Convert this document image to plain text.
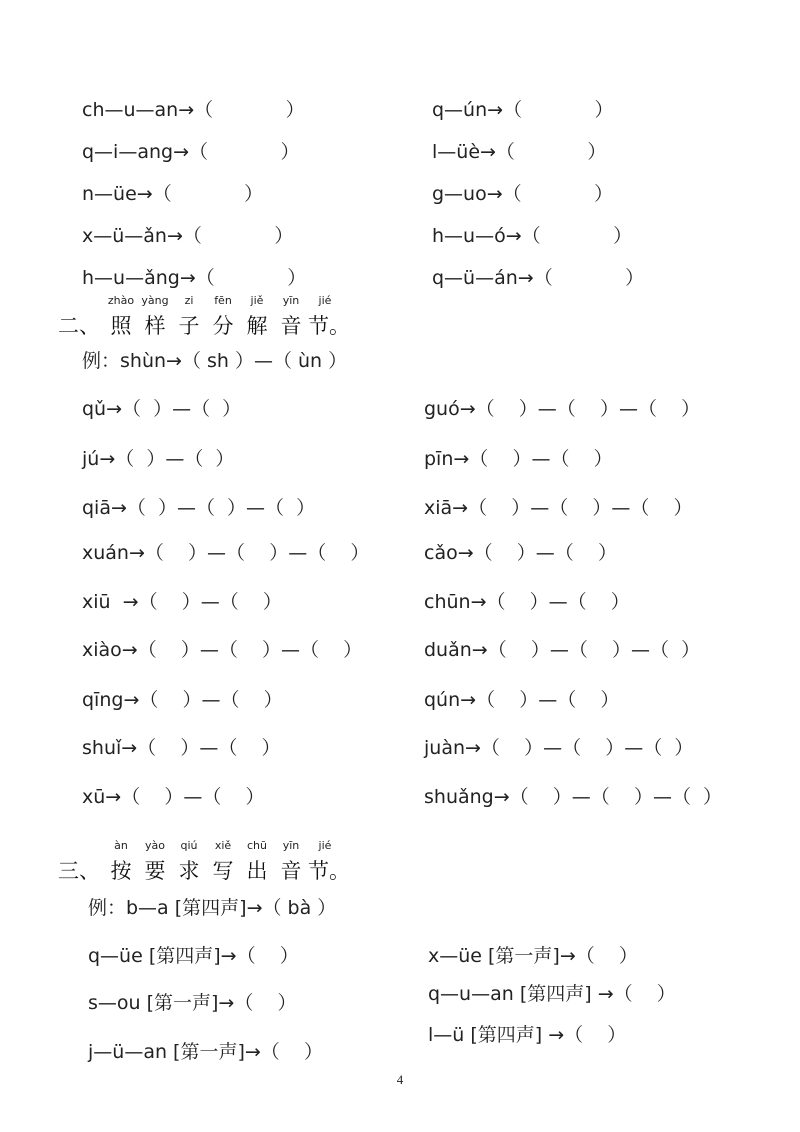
ch—u—an→（            ）
q—i—ang→（            ）
n—üe→（            ）
x—ü—ǎn→（            ）
h—u—ǎng→（            ）
q—ún→（            ）
l—üè→（            ）
g—uo→（            ）
h—u—ó→（            ）
q—ü—án→（            ）
二、
zhào
照
yàng
样
zi
子
fēn
分
jiě
解
yīn
音
jié
节。
例：shùn→（ sh ）—（ ùn ）
qǔ→（  ）—（  ）
jú→（  ）—（  ）
qiā→（  ）—（  ）—（  ）
xuán→（    ）—（    ）—（    ）
xiū  →（    ）—（    ）
xiào→（    ）—（    ）—（    ）
qīng→（    ）—（    ）
shuǐ→（    ）—（    ）
xū→（    ）—（    ）
guó→（    ）—（    ）—（    ）
pīn→（    ）—（    ）
xiā→（    ）—（    ）—（    ）
cǎo→（    ）—（    ）
chūn→（    ）—（    ）
duǎn→（    ）—（    ）—（  ）
qún→（    ）—（    ）
juàn→（    ）—（    ）—（  ）
shuǎng→（    ）—（    ）—（  ）
三、
àn
按
yào
要
qiú
求
xiě
写
chū
出
yīn
音
jié
节。
例：b—a [第四声]→（ bà ）
q—üe [第四声]→（    ）
s—ou [第一声]→（    ）
j—ü—an [第一声]→（    ）
x—üe [第一声]→（    ）
q—u—an [第四声] →（    ）
l—ü [第四声] →（    ）
4
